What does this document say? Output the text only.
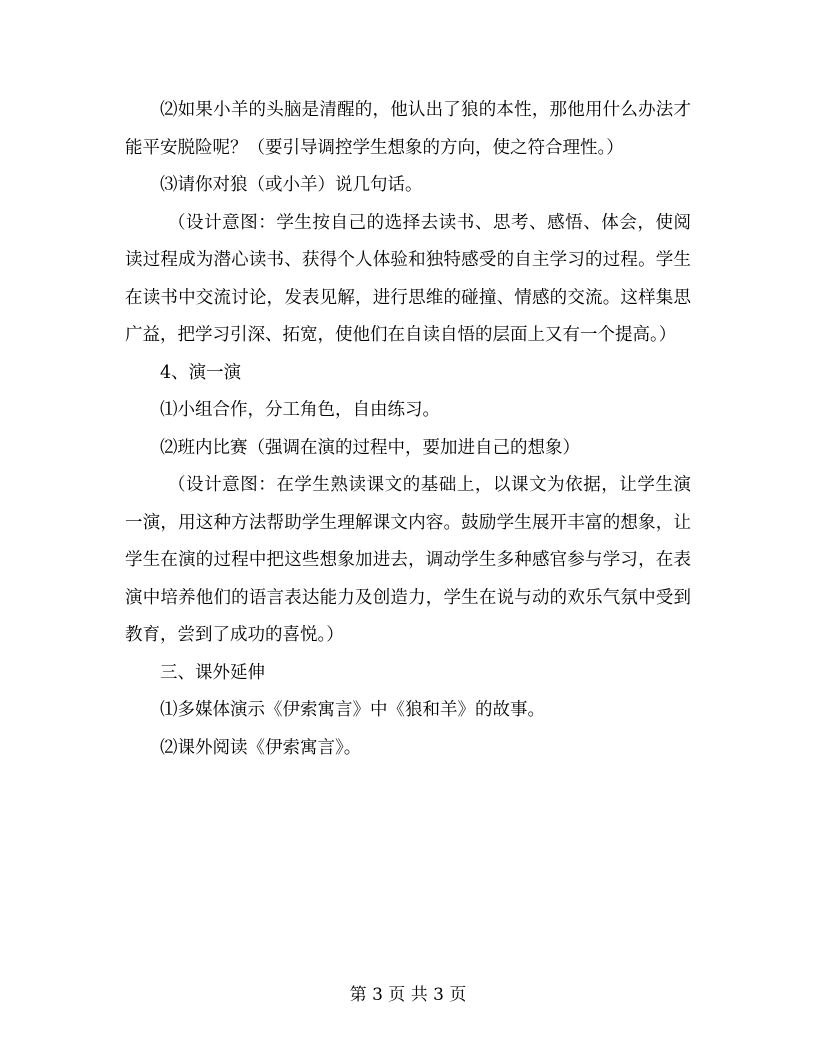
⑵如果小羊的头脑是清醒的，他认出了狼的本性，那他用什么办法才能平安脱险呢？（要引导调控学生想象的方向，使之符合理性。）

⑶请你对狼（或小羊）说几句话。

（设计意图：学生按自己的选择去读书、思考、感悟、体会，使阅读过程成为潜心读书、获得个人体验和独特感受的自主学习的过程。学生在读书中交流讨论，发表见解，进行思维的碰撞、情感的交流。这样集思广益，把学习引深、拓宽，使他们在自读自悟的层面上又有一个提高。）

4、演一演

⑴小组合作，分工角色，自由练习。

⑵班内比赛（强调在演的过程中，要加进自己的想象）

（设计意图：在学生熟读课文的基础上，以课文为依据，让学生演一演，用这种方法帮助学生理解课文内容。鼓励学生展开丰富的想象，让学生在演的过程中把这些想象加进去，调动学生多种感官参与学习，在表演中培养他们的语言表达能力及创造力，学生在说与动的欢乐气氛中受到教育，尝到了成功的喜悦。）

三、课外延伸

⑴多媒体演示《伊索寓言》中《狼和羊》的故事。

⑵课外阅读《伊索寓言》。

第 3 页 共 3 页
